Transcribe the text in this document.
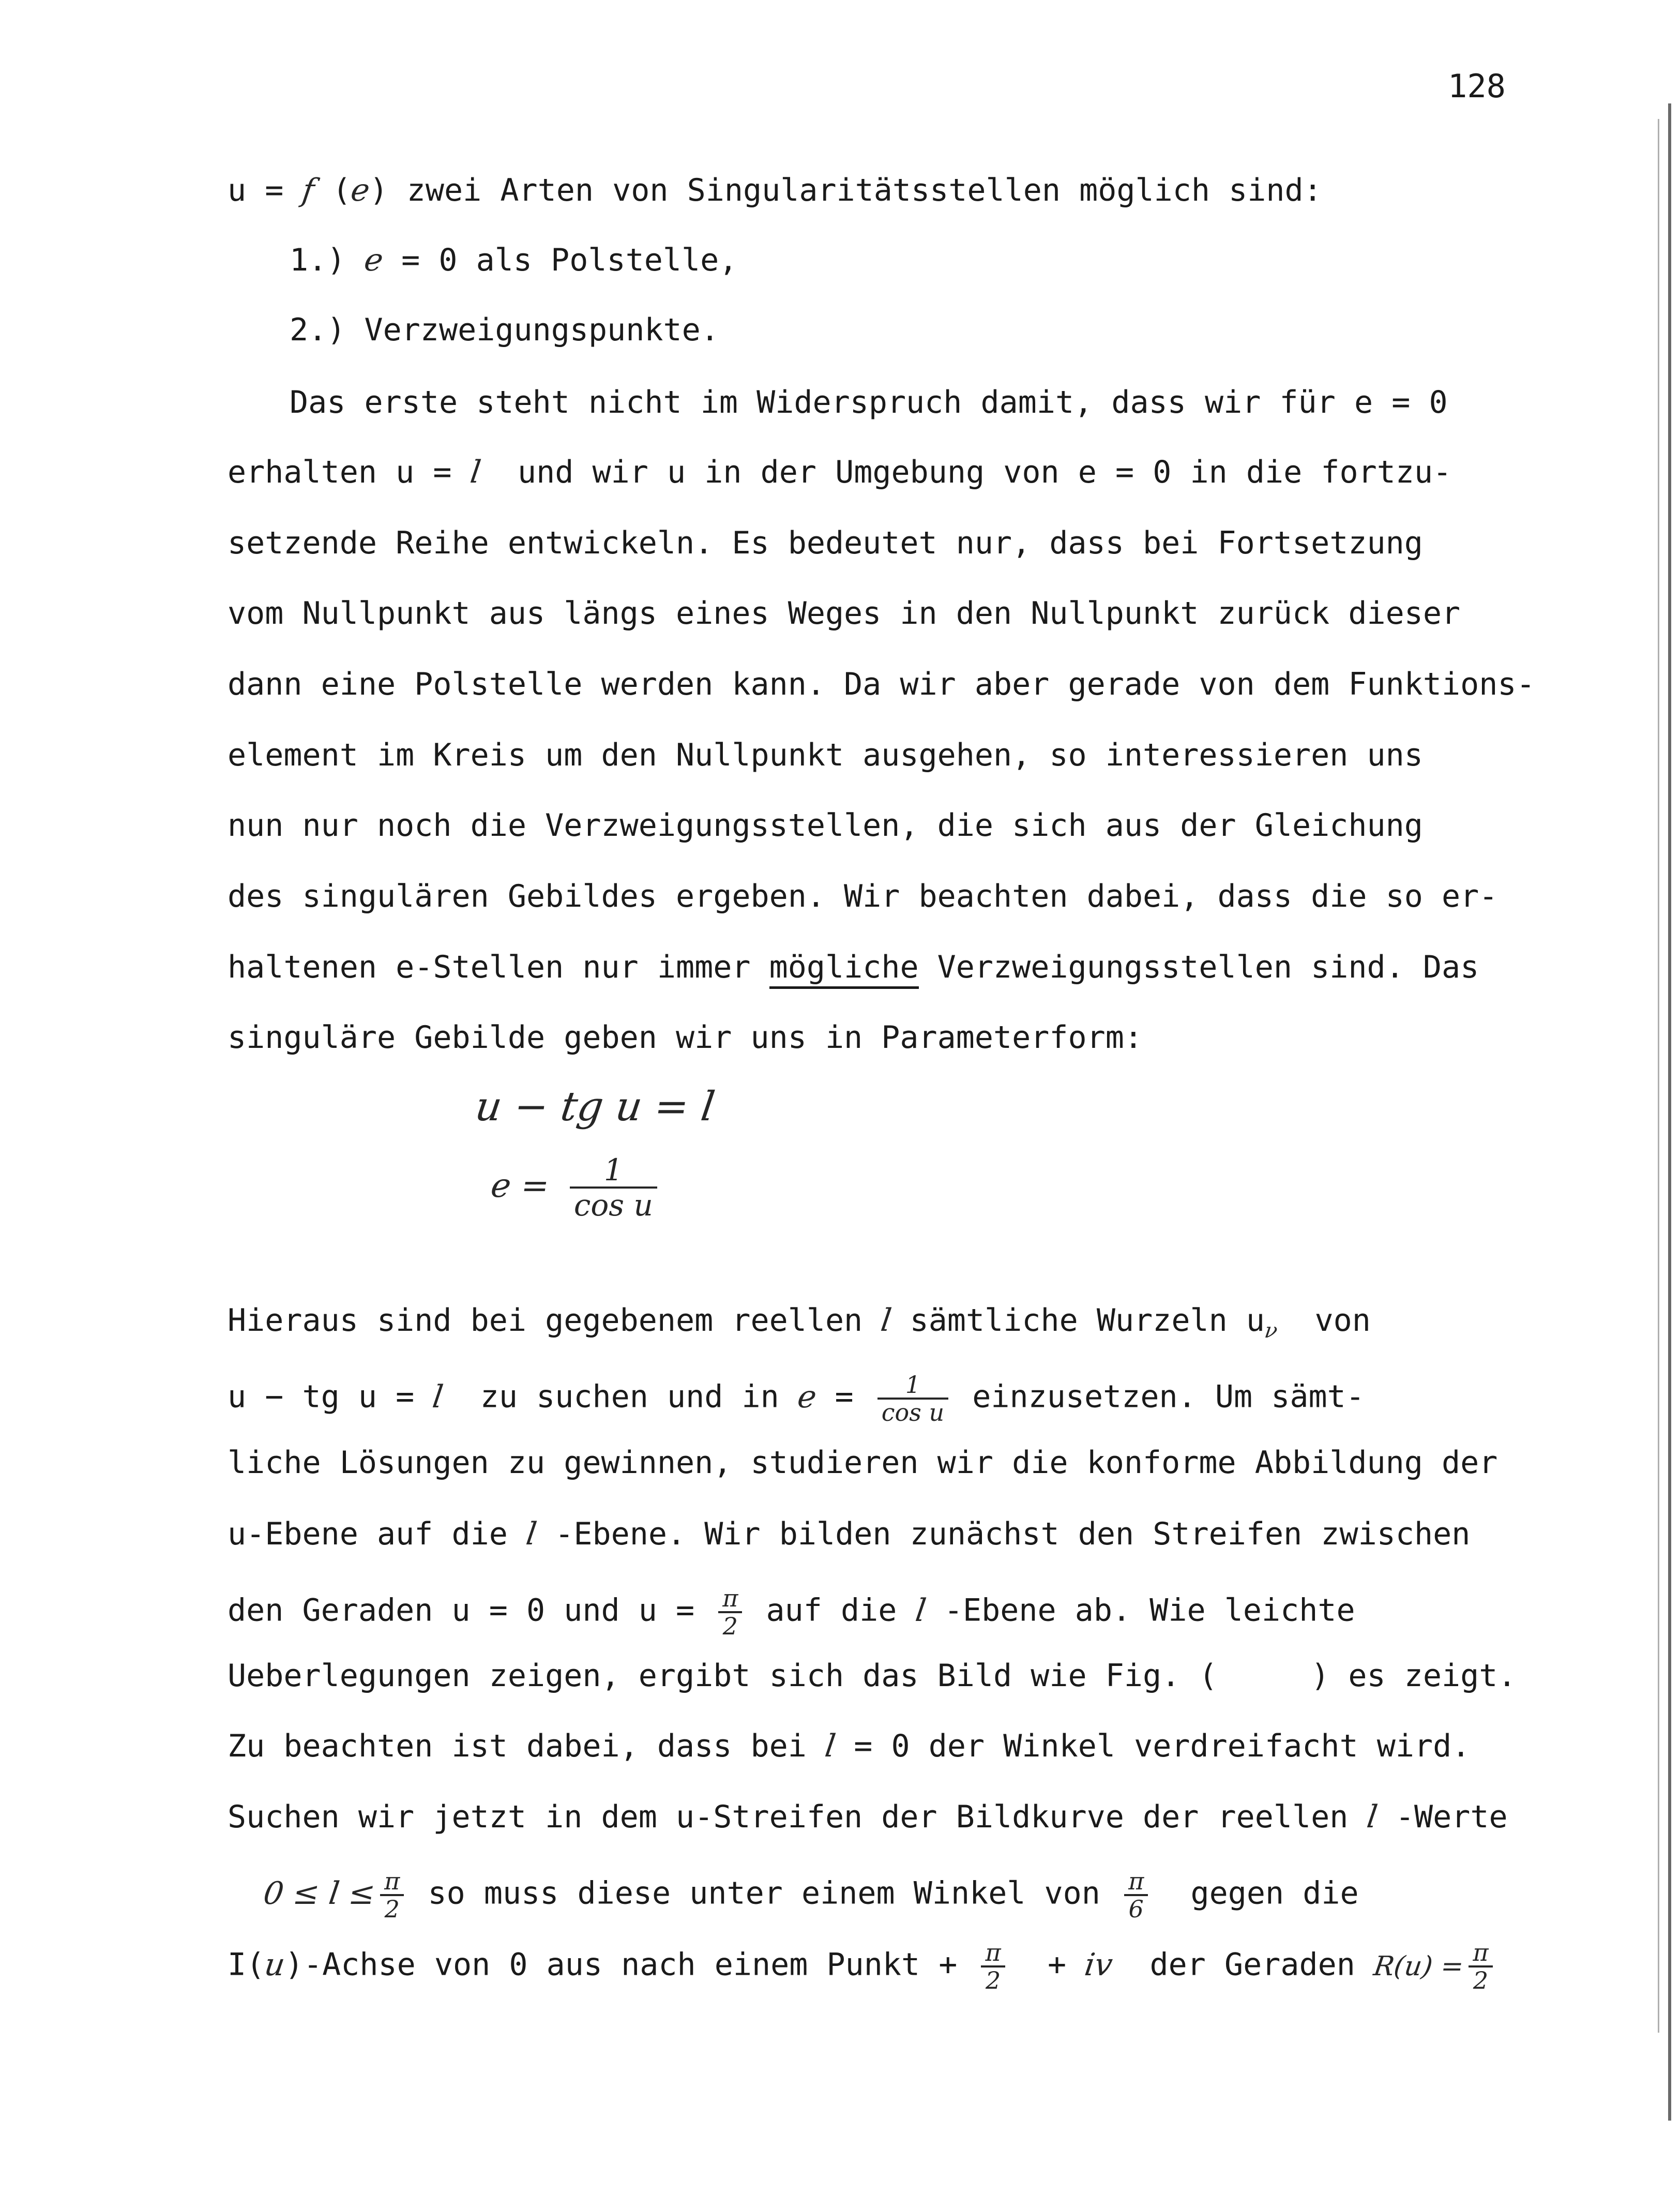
128
u = f (e) zwei Arten von Singularitätsstellen möglich sind:
1.) e = 0 als Polstelle,
2.) Verzweigungspunkte.
Das erste steht nicht im Widerspruch damit, dass wir für e = 0
erhalten u = l  und wir u in der Umgebung von e = 0 in die fortzu-
setzende Reihe entwickeln. Es bedeutet nur, dass bei Fortsetzung
vom Nullpunkt aus längs eines Weges in den Nullpunkt zurück dieser
dann eine Polstelle werden kann. Da wir aber gerade von dem Funktions-
element im Kreis um den Nullpunkt ausgehen, so interessieren uns
nun nur noch die Verzweigungsstellen, die sich aus der Gleichung
des singulären Gebildes ergeben. Wir beachten dabei, dass die so er-
haltenen e-Stellen nur immer mögliche Verzweigungsstellen sind. Das
singuläre Gebilde geben wir uns in Parameterform:
u − tg u = l
$e = \frac{1}{\text{cos u}}$
Hieraus sind bei gegebenem reellen l sämtliche Wurzeln $u_\nu$  von
u − tg u = l  zu suchen und in $e = \frac{1}{\text{cos u}}$ einzusetzen. Um sämt-
liche Lösungen zu gewinnen, studieren wir die konforme Abbildung der
u-Ebene auf die l -Ebene. Wir bilden zunächst den Streifen zwischen
den Geraden u = 0 und $u = \frac{\pi}{2}$ auf die l -Ebene ab. Wie leichte
Ueberlegungen zeigen, ergibt sich das Bild wie Fig. (     ) es zeigt.
Zu beachten ist dabei, dass bei l = 0 der Winkel verdreifacht wird.
Suchen wir jetzt in dem u-Streifen der Bildkurve der reellen l -Werte
$0 \le l \le \frac{\pi}{2}$ so muss diese unter einem Winkel von $\frac{\pi}{6}$ gegen die
I(u)-Achse von 0 aus nach einem Punkt + $\frac{\pi}{2}$ + iv  der Geraden $R(u) = \frac{\pi}{2}$
